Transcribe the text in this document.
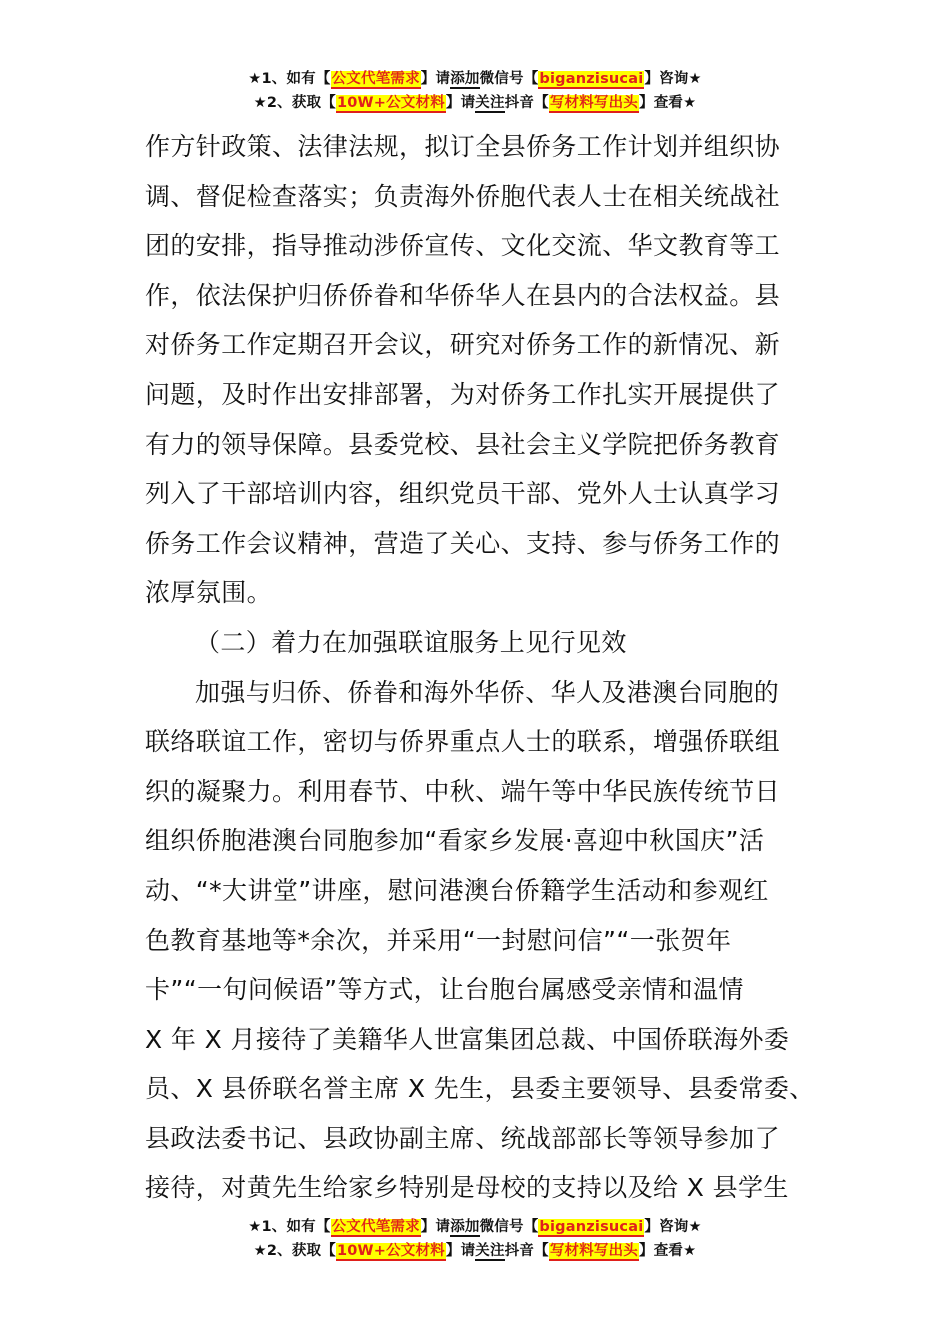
★1、如有【公文代笔需求】请添加微信号【biganzisucai】咨询★
★2、获取【10W+公文材料】请关注抖音【写材料写出头】查看★
作方针政策、法律法规，拟订全县侨务工作计划并组织协
调、督促检查落实；负责海外侨胞代表人士在相关统战社
团的安排，指导推动涉侨宣传、文化交流、华文教育等工
作，依法保护归侨侨眷和华侨华人在县内的合法权益。县
对侨务工作定期召开会议，研究对侨务工作的新情况、新
问题，及时作出安排部署，为对侨务工作扎实开展提供了
有力的领导保障。县委党校、县社会主义学院把侨务教育
列入了干部培训内容，组织党员干部、党外人士认真学习
侨务工作会议精神，营造了关心、支持、参与侨务工作的
浓厚氛围。
（二）着力在加强联谊服务上见行见效
加强与归侨、侨眷和海外华侨、华人及港澳台同胞的
联络联谊工作，密切与侨界重点人士的联系，增强侨联组
织的凝聚力。利用春节、中秋、端午等中华民族传统节日
组织侨胞港澳台同胞参加“看家乡发展·喜迎中秋国庆”活
动、“*大讲堂”讲座，慰问港澳台侨籍学生活动和参观红
色教育基地等*余次，并采用“一封慰问信”“一张贺年
卡”“一句问候语”等方式，让台胞台属感受亲情和温情
X 年 X 月接待了美籍华人世富集团总裁、中国侨联海外委
员、X 县侨联名誉主席 X 先生，县委主要领导、县委常委、
县政法委书记、县政协副主席、统战部部长等领导参加了
接待，对黄先生给家乡特别是母校的支持以及给 X 县学生
★1、如有【公文代笔需求】请添加微信号【biganzisucai】咨询★
★2、获取【10W+公文材料】请关注抖音【写材料写出头】查看★
